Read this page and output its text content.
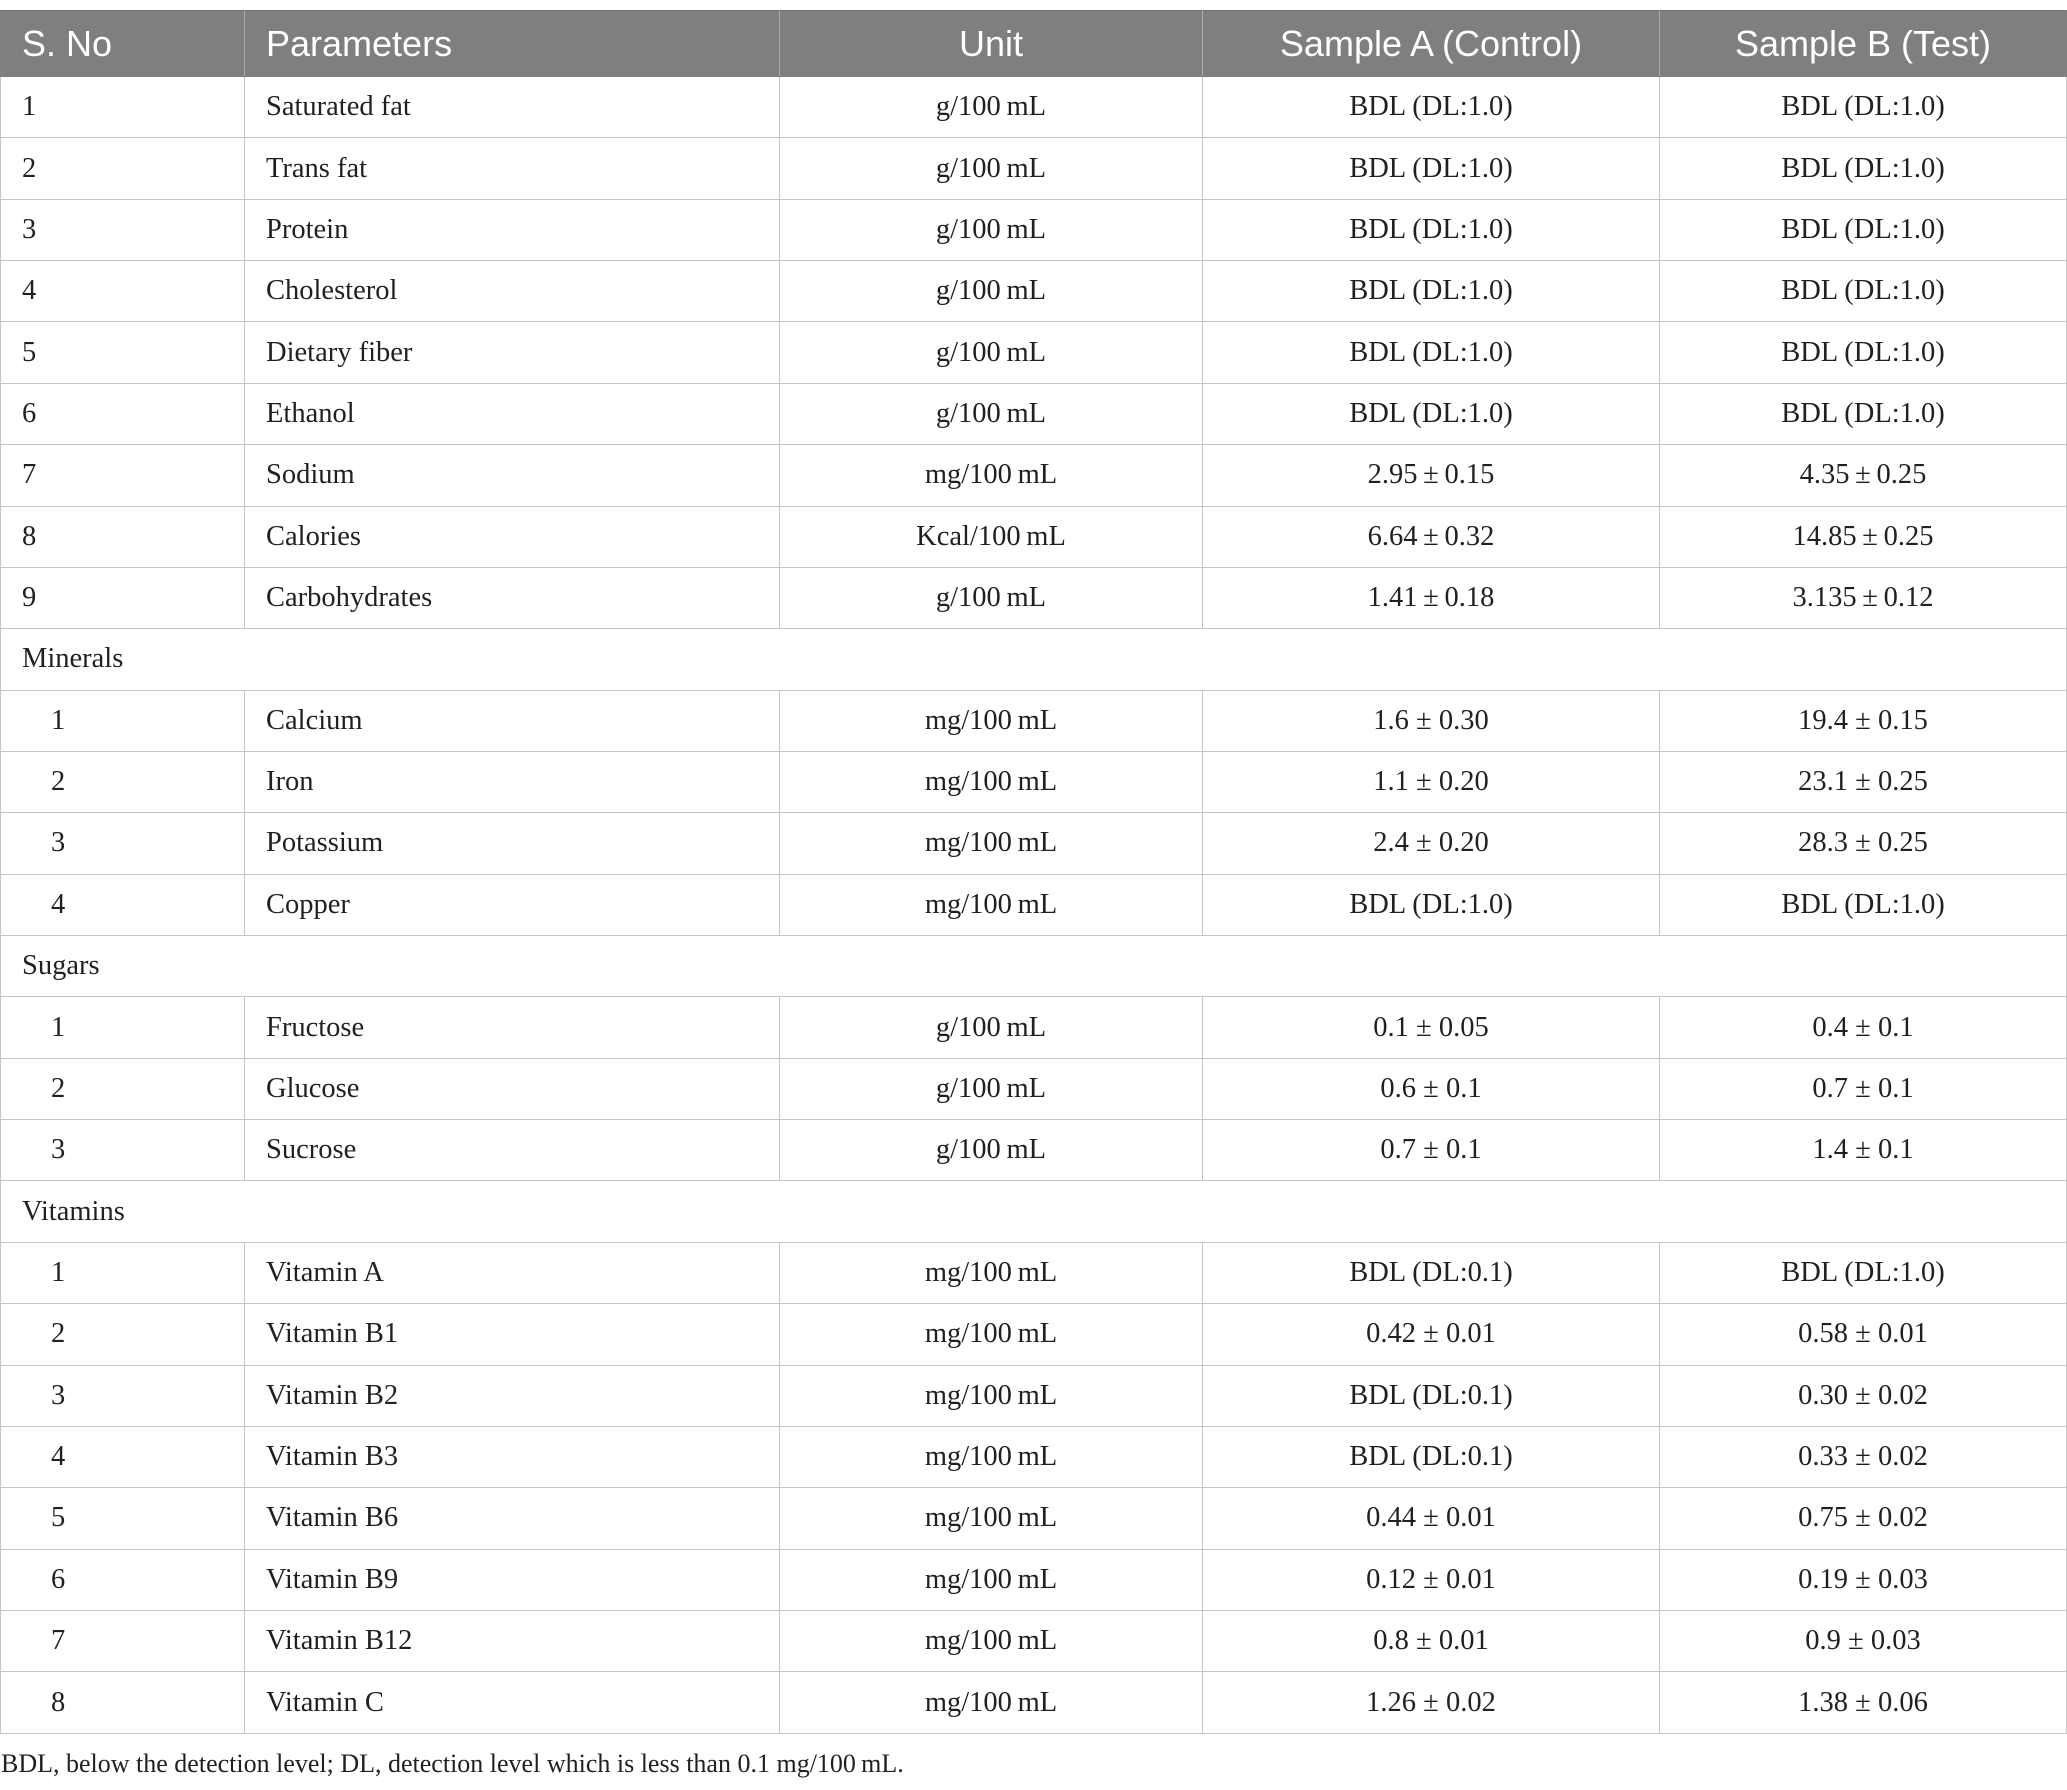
S. No	Parameters	Unit	Sample A (Control)	Sample B (Test)
1	Saturated fat	g/100 mL	BDL (DL:1.0)	BDL (DL:1.0)
2	Trans fat	g/100 mL	BDL (DL:1.0)	BDL (DL:1.0)
3	Protein	g/100 mL	BDL (DL:1.0)	BDL (DL:1.0)
4	Cholesterol	g/100 mL	BDL (DL:1.0)	BDL (DL:1.0)
5	Dietary fiber	g/100 mL	BDL (DL:1.0)	BDL (DL:1.0)
6	Ethanol	g/100 mL	BDL (DL:1.0)	BDL (DL:1.0)
7	Sodium	mg/100 mL	2.95 ± 0.15	4.35 ± 0.25
8	Calories	Kcal/100 mL	6.64 ± 0.32	14.85 ± 0.25
9	Carbohydrates	g/100 mL	1.41 ± 0.18	3.135 ± 0.12
Minerals				
1	Calcium	mg/100 mL	1.6 ± 0.30	19.4 ± 0.15
2	Iron	mg/100 mL	1.1 ± 0.20	23.1 ± 0.25
3	Potassium	mg/100 mL	2.4 ± 0.20	28.3 ± 0.25
4	Copper	mg/100 mL	BDL (DL:1.0)	BDL (DL:1.0)
Sugars				
1	Fructose	g/100 mL	0.1 ± 0.05	0.4 ± 0.1
2	Glucose	g/100 mL	0.6 ± 0.1	0.7 ± 0.1
3	Sucrose	g/100 mL	0.7 ± 0.1	1.4 ± 0.1
Vitamins				
1	Vitamin A	mg/100 mL	BDL (DL:0.1)	BDL (DL:1.0)
2	Vitamin B1	mg/100 mL	0.42 ± 0.01	0.58 ± 0.01
3	Vitamin B2	mg/100 mL	BDL (DL:0.1)	0.30 ± 0.02
4	Vitamin B3	mg/100 mL	BDL (DL:0.1)	0.33 ± 0.02
5	Vitamin B6	mg/100 mL	0.44 ± 0.01	0.75 ± 0.02
6	Vitamin B9	mg/100 mL	0.12 ± 0.01	0.19 ± 0.03
7	Vitamin B12	mg/100 mL	0.8 ± 0.01	0.9 ± 0.03
8	Vitamin C	mg/100 mL	1.26 ± 0.02	1.38 ± 0.06
BDL, below the detection level; DL, detection level which is less than 0.1 mg/100 mL.
